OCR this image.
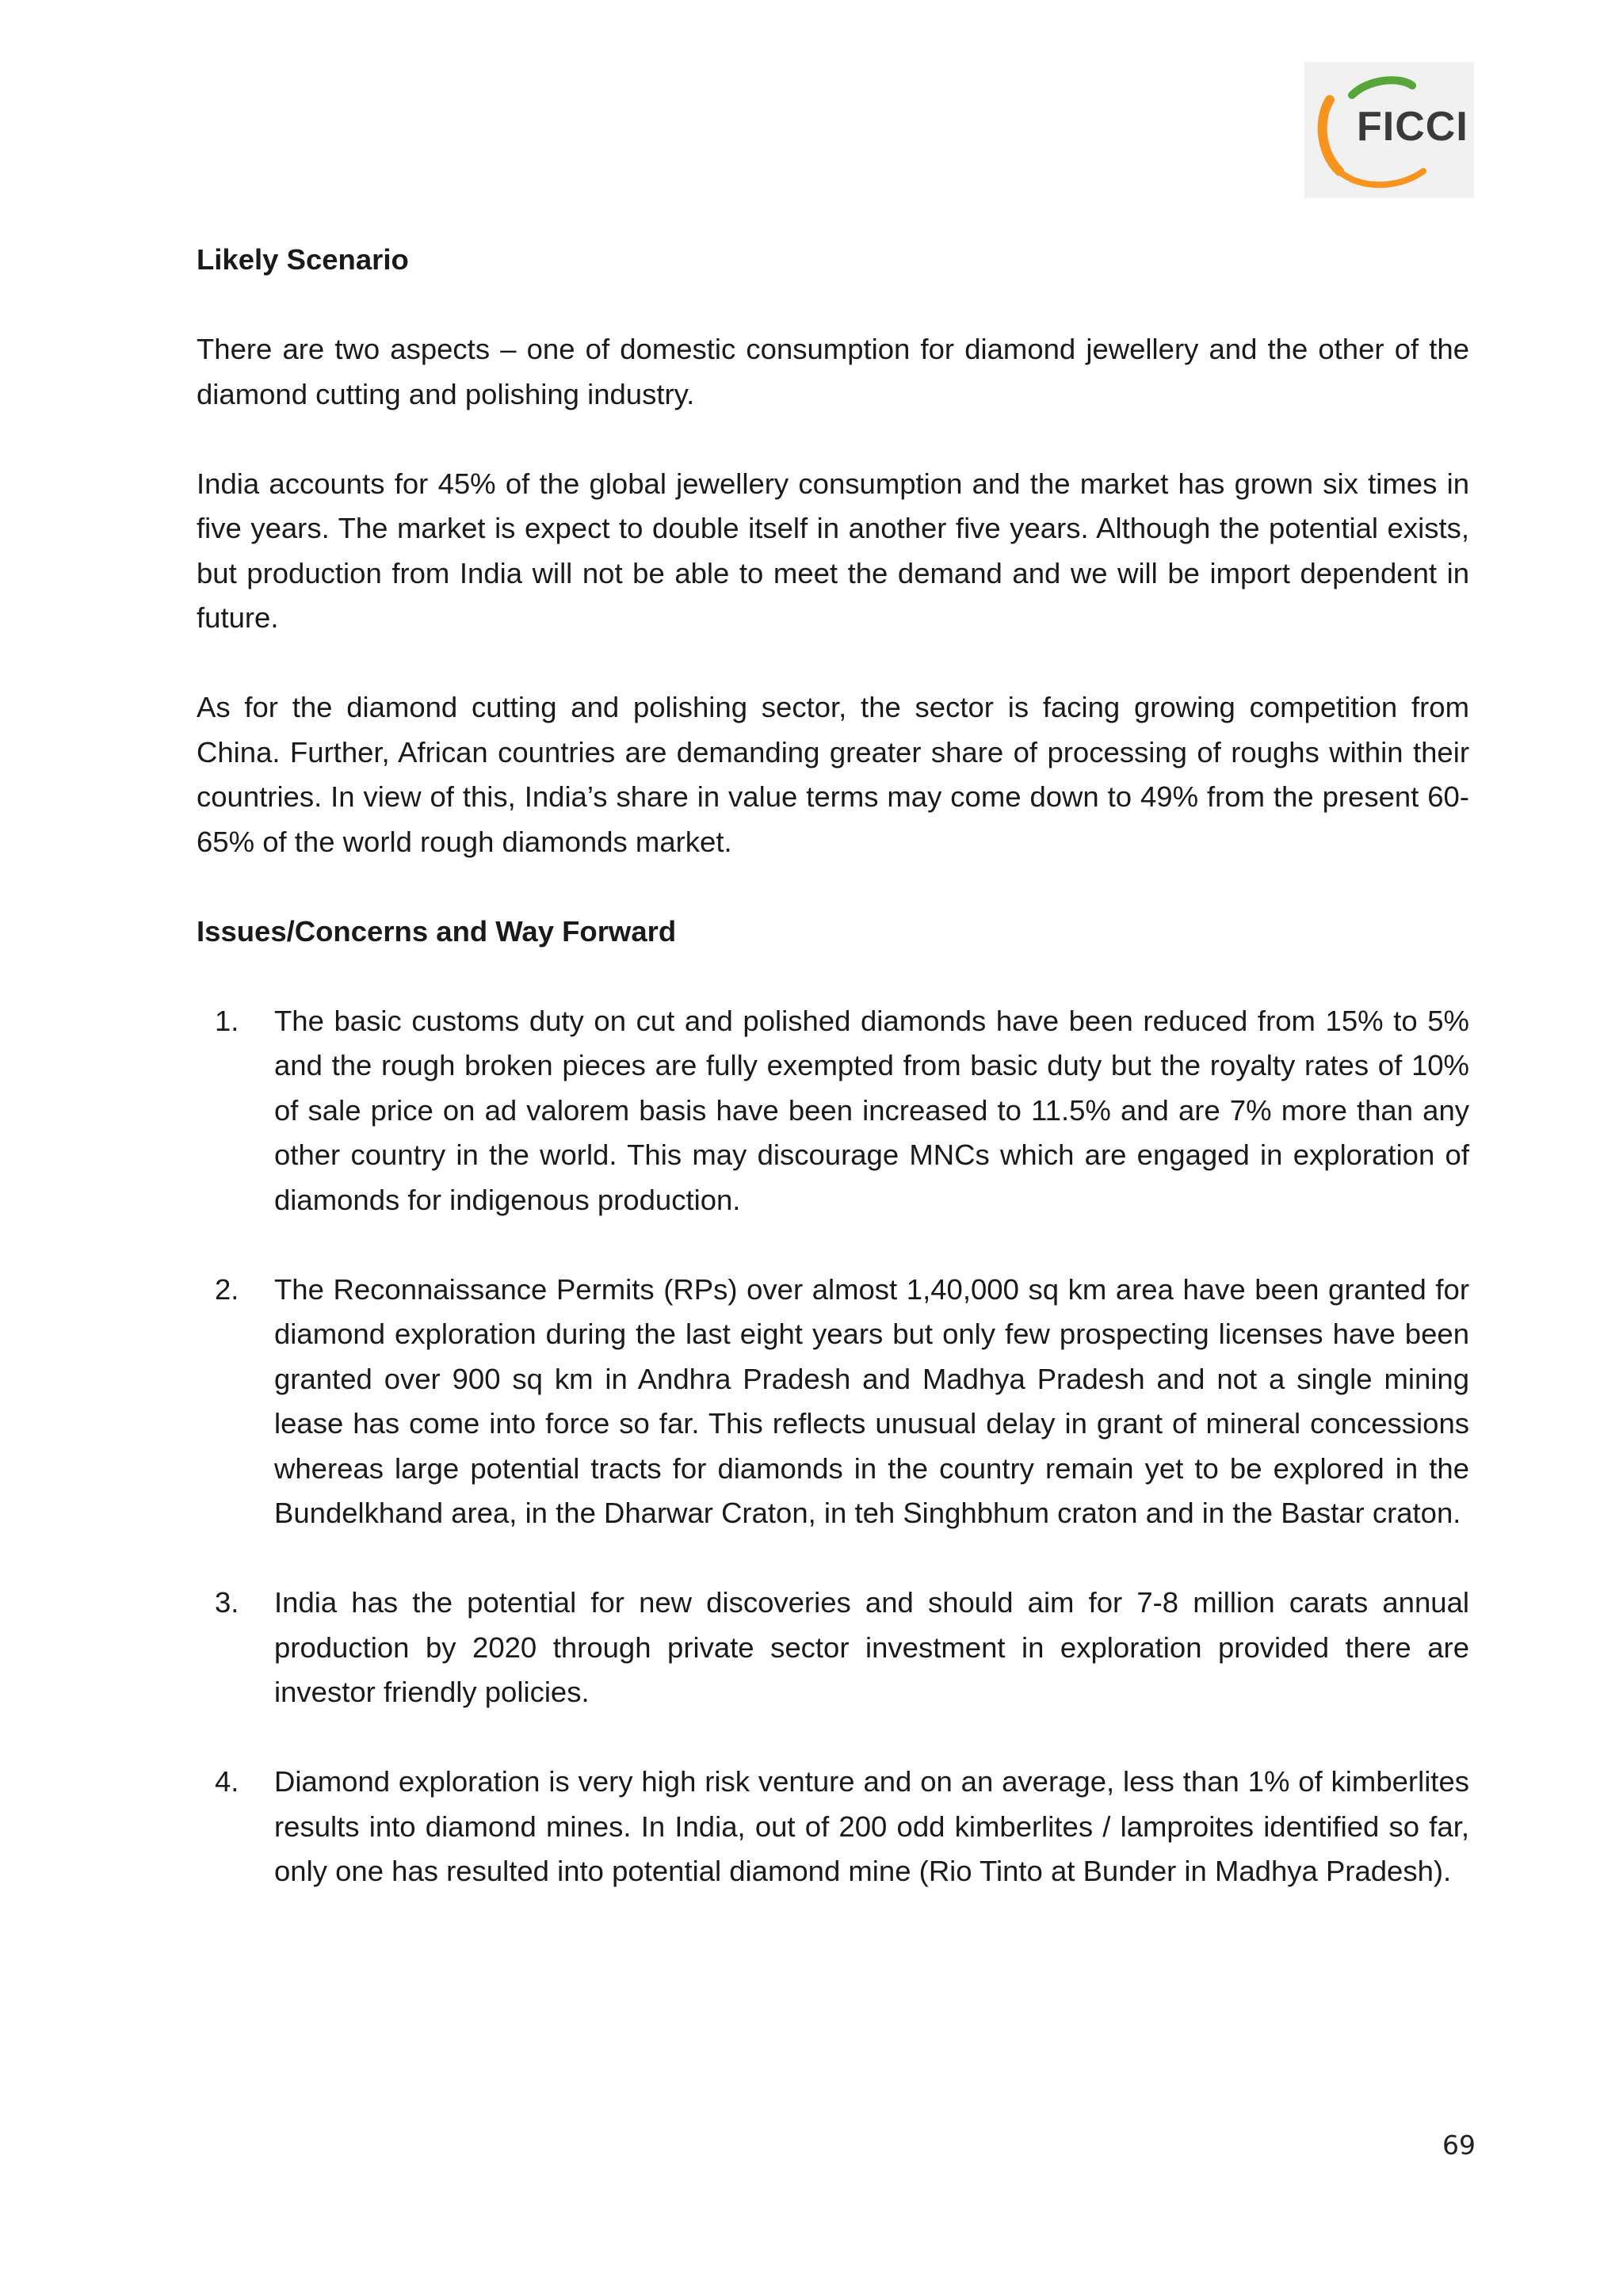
FICCI
Likely Scenario

There are two aspects – one of domestic consumption for diamond jewellery and the other of the diamond cutting and polishing industry.

India accounts for 45% of the global jewellery consumption and the market has grown six times in five years. The market is expect to double itself in another five years. Although the potential exists, but production from India will not be able to meet the demand and we will be import dependent in future.

As for the diamond cutting and polishing sector, the sector is facing growing competition from China. Further, African countries are demanding greater share of processing of roughs within their countries. In view of this, India’s share in value terms may come down to 49% from the present 60-65% of the world rough diamonds market.

Issues/Concerns and Way Forward
1. The basic customs duty on cut and polished diamonds have been reduced from 15% to 5% and the rough broken pieces are fully exempted from basic duty but the royalty rates of 10% of sale price on ad valorem basis have been increased to 11.5% and are 7% more than any other country in the world. This may discourage MNCs which are engaged in exploration of diamonds for indigenous production.
2. The Reconnaissance Permits (RPs) over almost 1,40,000 sq km area have been granted for diamond exploration during the last eight years but only few prospecting licenses have been granted over 900 sq km in Andhra Pradesh and Madhya Pradesh and not a single mining lease has come into force so far. This reflects unusual delay in grant of mineral concessions whereas large potential tracts for diamonds in the country remain yet to be explored in the Bundelkhand area, in the Dharwar Craton, in teh Singhbhum craton and in the Bastar craton.
3. India has the potential for new discoveries and should aim for 7-8 million carats annual production by 2020 through private sector investment in exploration provided there are investor friendly policies.
4. Diamond exploration is very high risk venture and on an average, less than 1% of kimberlites results into diamond mines. In India, out of 200 odd kimberlites / lamproites identified so far, only one has resulted into potential diamond mine (Rio Tinto at Bunder in Madhya Pradesh).
69
